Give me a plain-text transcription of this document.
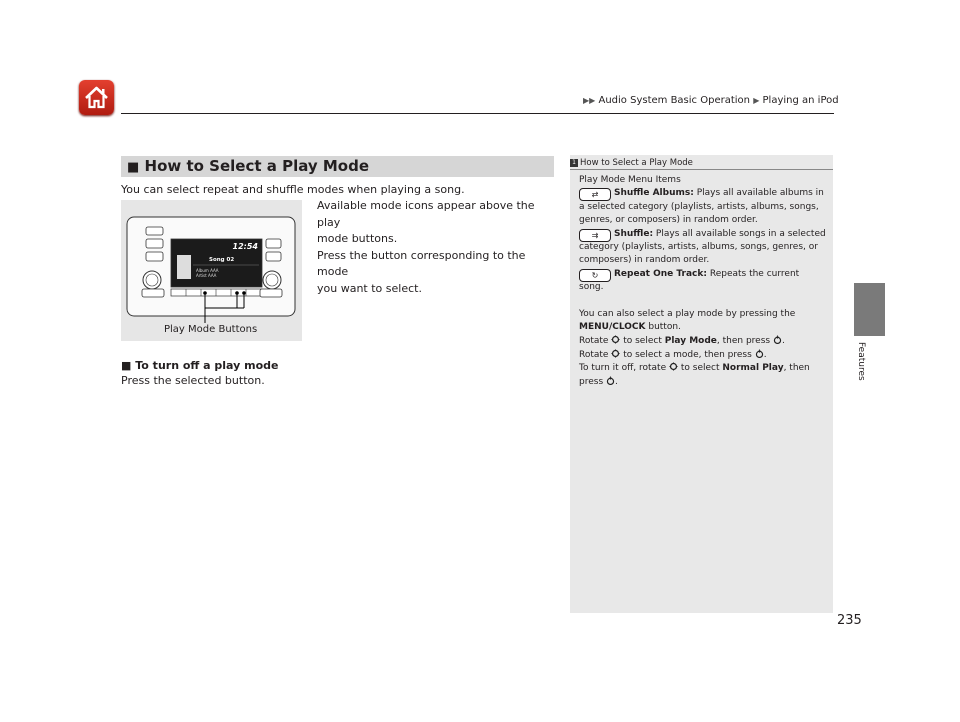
▶▶ Audio System Basic Operation ▶ Playing an iPod
Features
235
■ How to Select a Play Mode
You can select repeat and shuffle modes when playing a song.
Available mode icons appear above the play
mode buttons.
Press the button corresponding to the mode
you want to select.
12:54
Song 02
Album AAA
Artist AAA
Play Mode Buttons
■ To turn off a play mode
Press the selected button.
1 How to Select a Play Mode
Play Mode Menu Items
⇄ Shuffle Albums: Plays all available albums in
a selected category (playlists, artists, albums, songs,
genres, or composers) in random order.
⇉ Shuffle: Plays all available songs in a selected
category (playlists, artists, albums, songs, genres, or
composers) in random order.
↻ Repeat One Track: Repeats the current
song.
You can also select a play mode by pressing the
MENU/CLOCK button.
Rotate to select Play Mode, then press .
Rotate to select a mode, then press .
To turn it off, rotate to select Normal Play, then
press .
